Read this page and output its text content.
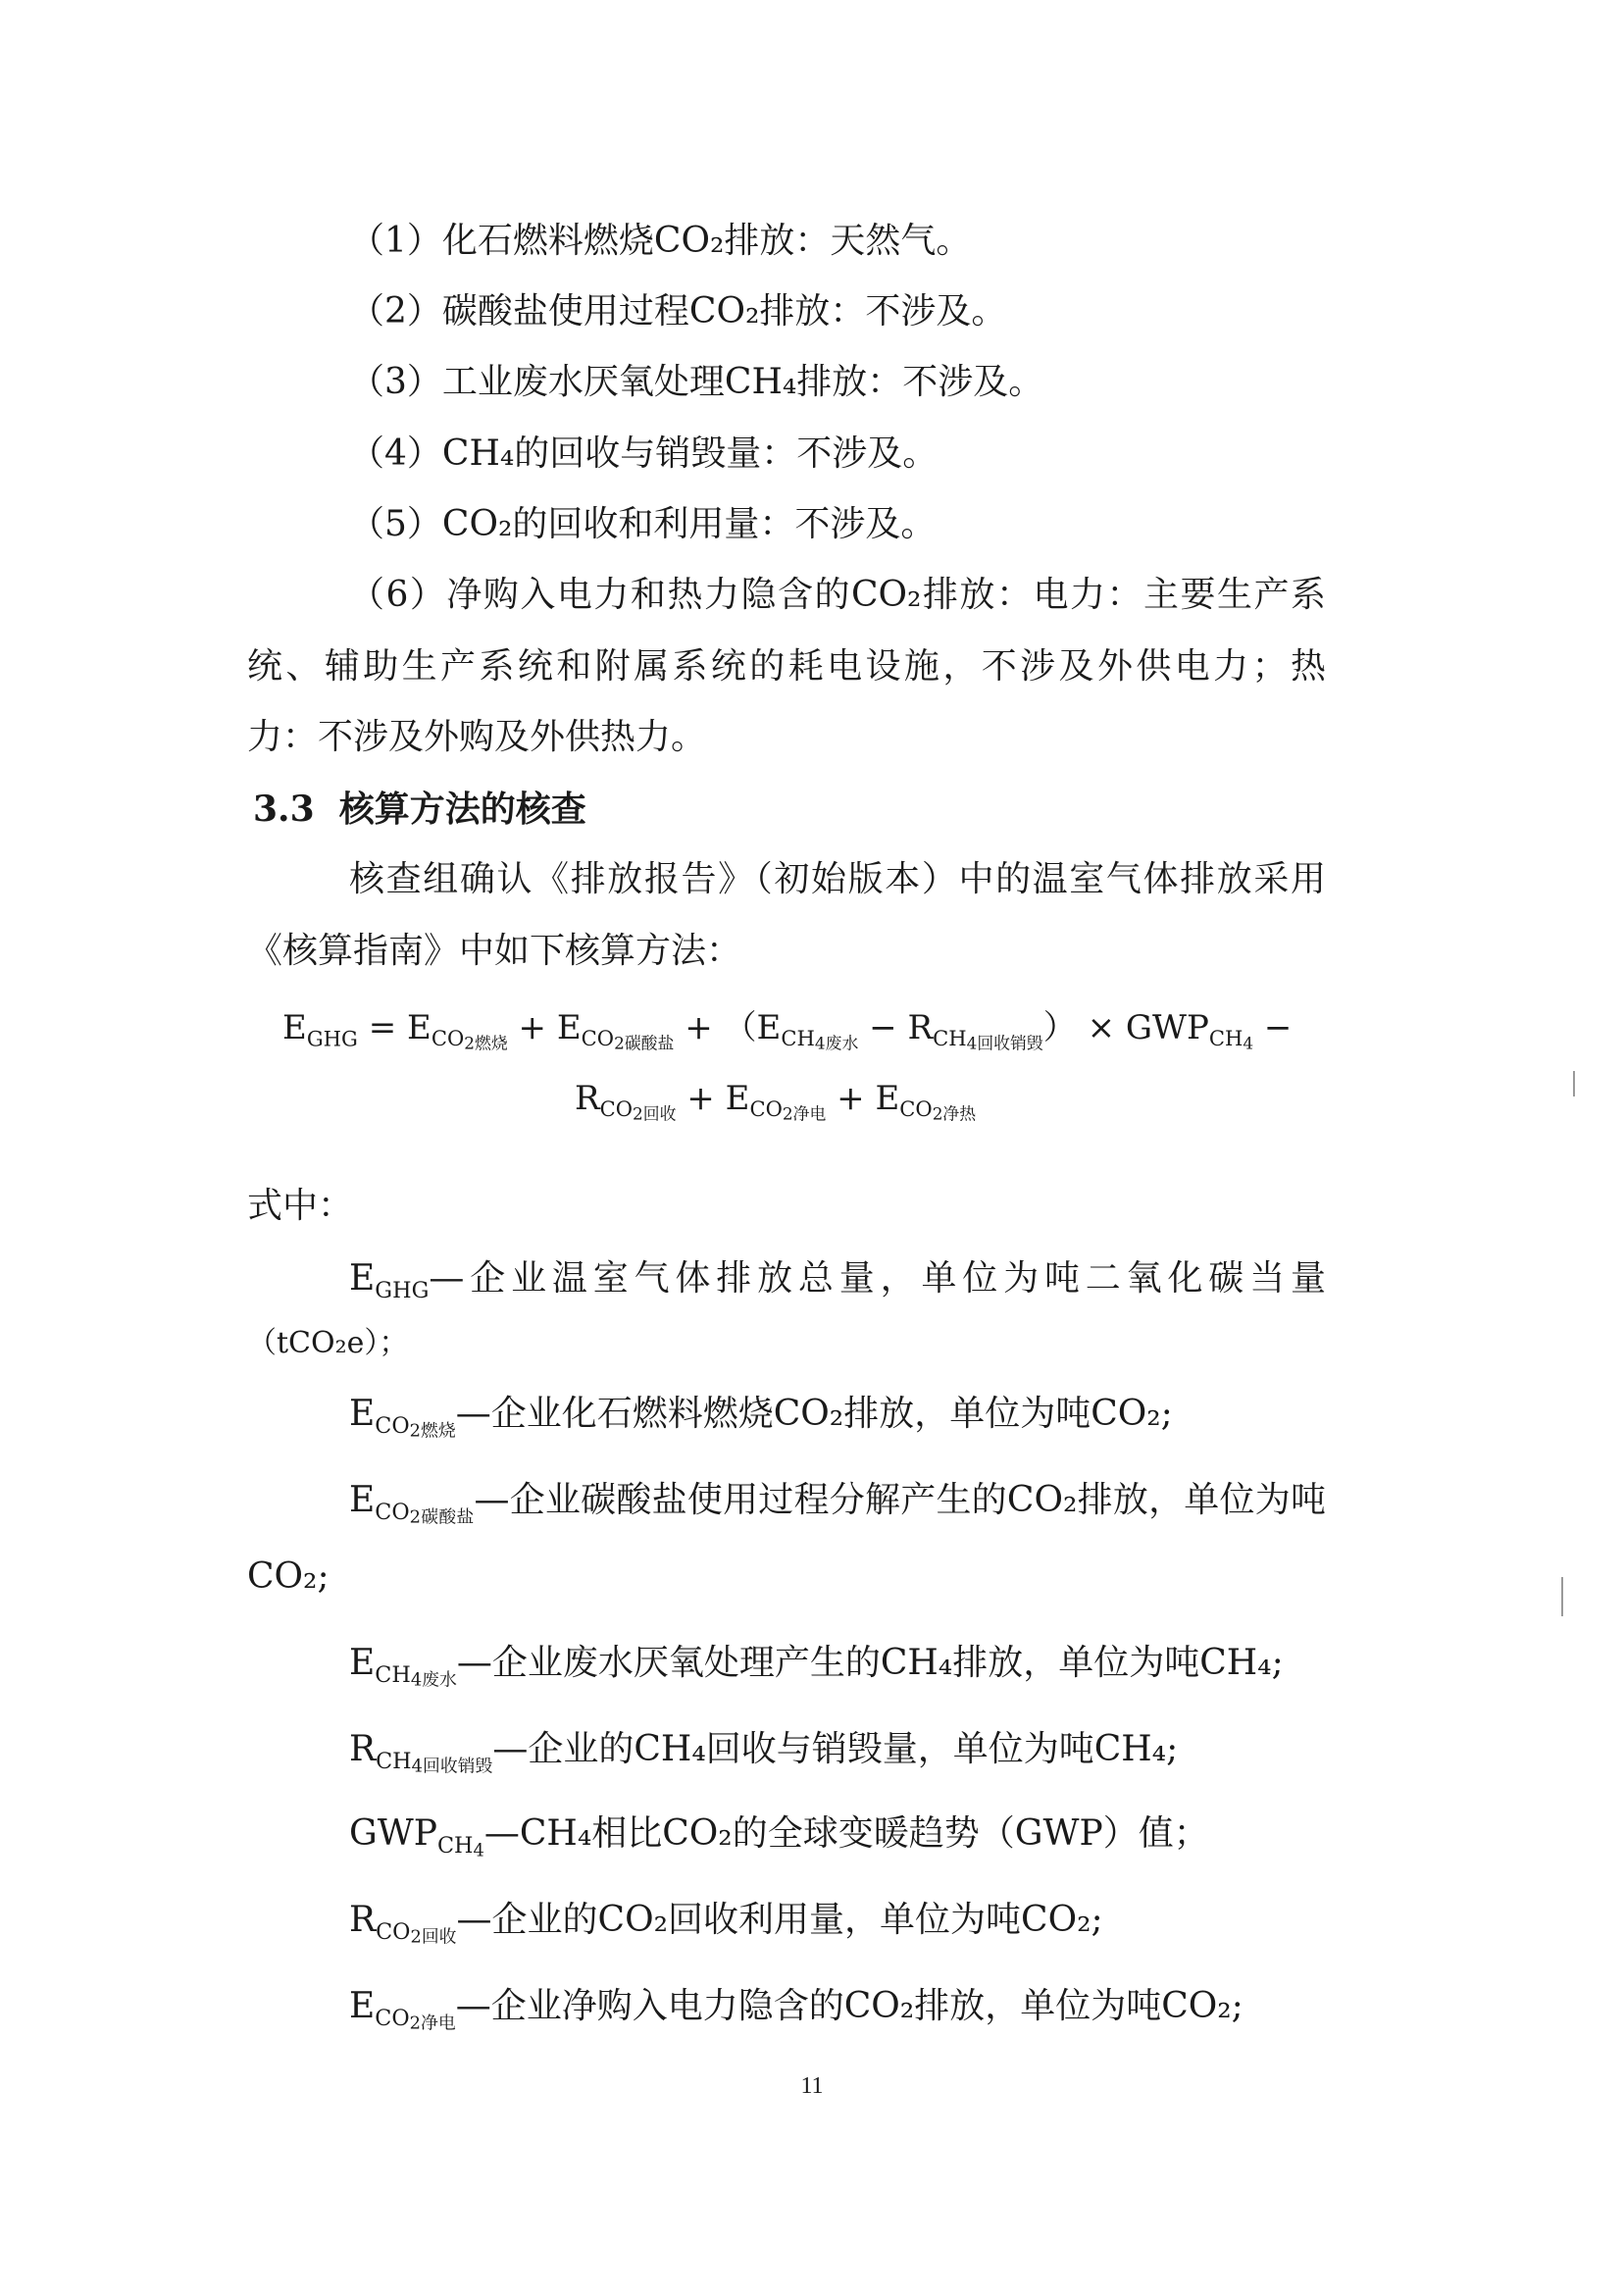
（1）化石燃料燃烧CO₂排放：天然气。
（2）碳酸盐使用过程CO₂排放：不涉及。
（3）工业废水厌氧处理CH₄排放：不涉及。
（4）CH₄的回收与销毁量：不涉及。
（5）CO₂的回收和利用量：不涉及。
（6）净购入电力和热力隐含的CO₂排放：电力：主要生产系
统、辅助生产系统和附属系统的耗电设施，不涉及外供电力；热
力：不涉及外购及外供热力。
3.3 核算方法的核查
核查组确认《排放报告》（初始版本）中的温室气体排放采用
《核算指南》中如下核算方法：
$E_{GHG} = E_{CO_{2燃烧}} + E_{CO_{2碳酸盐}} + (E_{CH_{4废水}} - R_{CH_{4回收销毁}}) \times GWP_{CH_4}$ −
$R_{CO_{2回收}} + E_{CO_{2净电}} + E_{CO_{2净热}}$
式中：
$E_{GHG}—$企业温室气体排放总量，单位为吨二氧化碳当量
（tCO₂e）；
$E_{CO_{2燃烧}}—$企业化石燃料燃烧CO₂排放，单位为吨CO₂;
$E_{CO_{2碳酸盐}}—$企业碳酸盐使用过程分解产生的CO₂排放，单位为吨
CO₂;
$E_{CH_{4废水}}—$企业废水厌氧处理产生的CH₄排放，单位为吨CH₄;
$R_{CH_{4回收销毁}}—$企业的CH₄回收与销毁量，单位为吨CH₄;
$GWP_{CH_4}—CH_4$相比CO₂的全球变暖趋势（GWP）值；
$R_{CO_{2回收}}—$企业的CO₂回收利用量，单位为吨CO₂;
$E_{CO_{2净电}}—$企业净购入电力隐含的CO₂排放，单位为吨CO₂;
11
